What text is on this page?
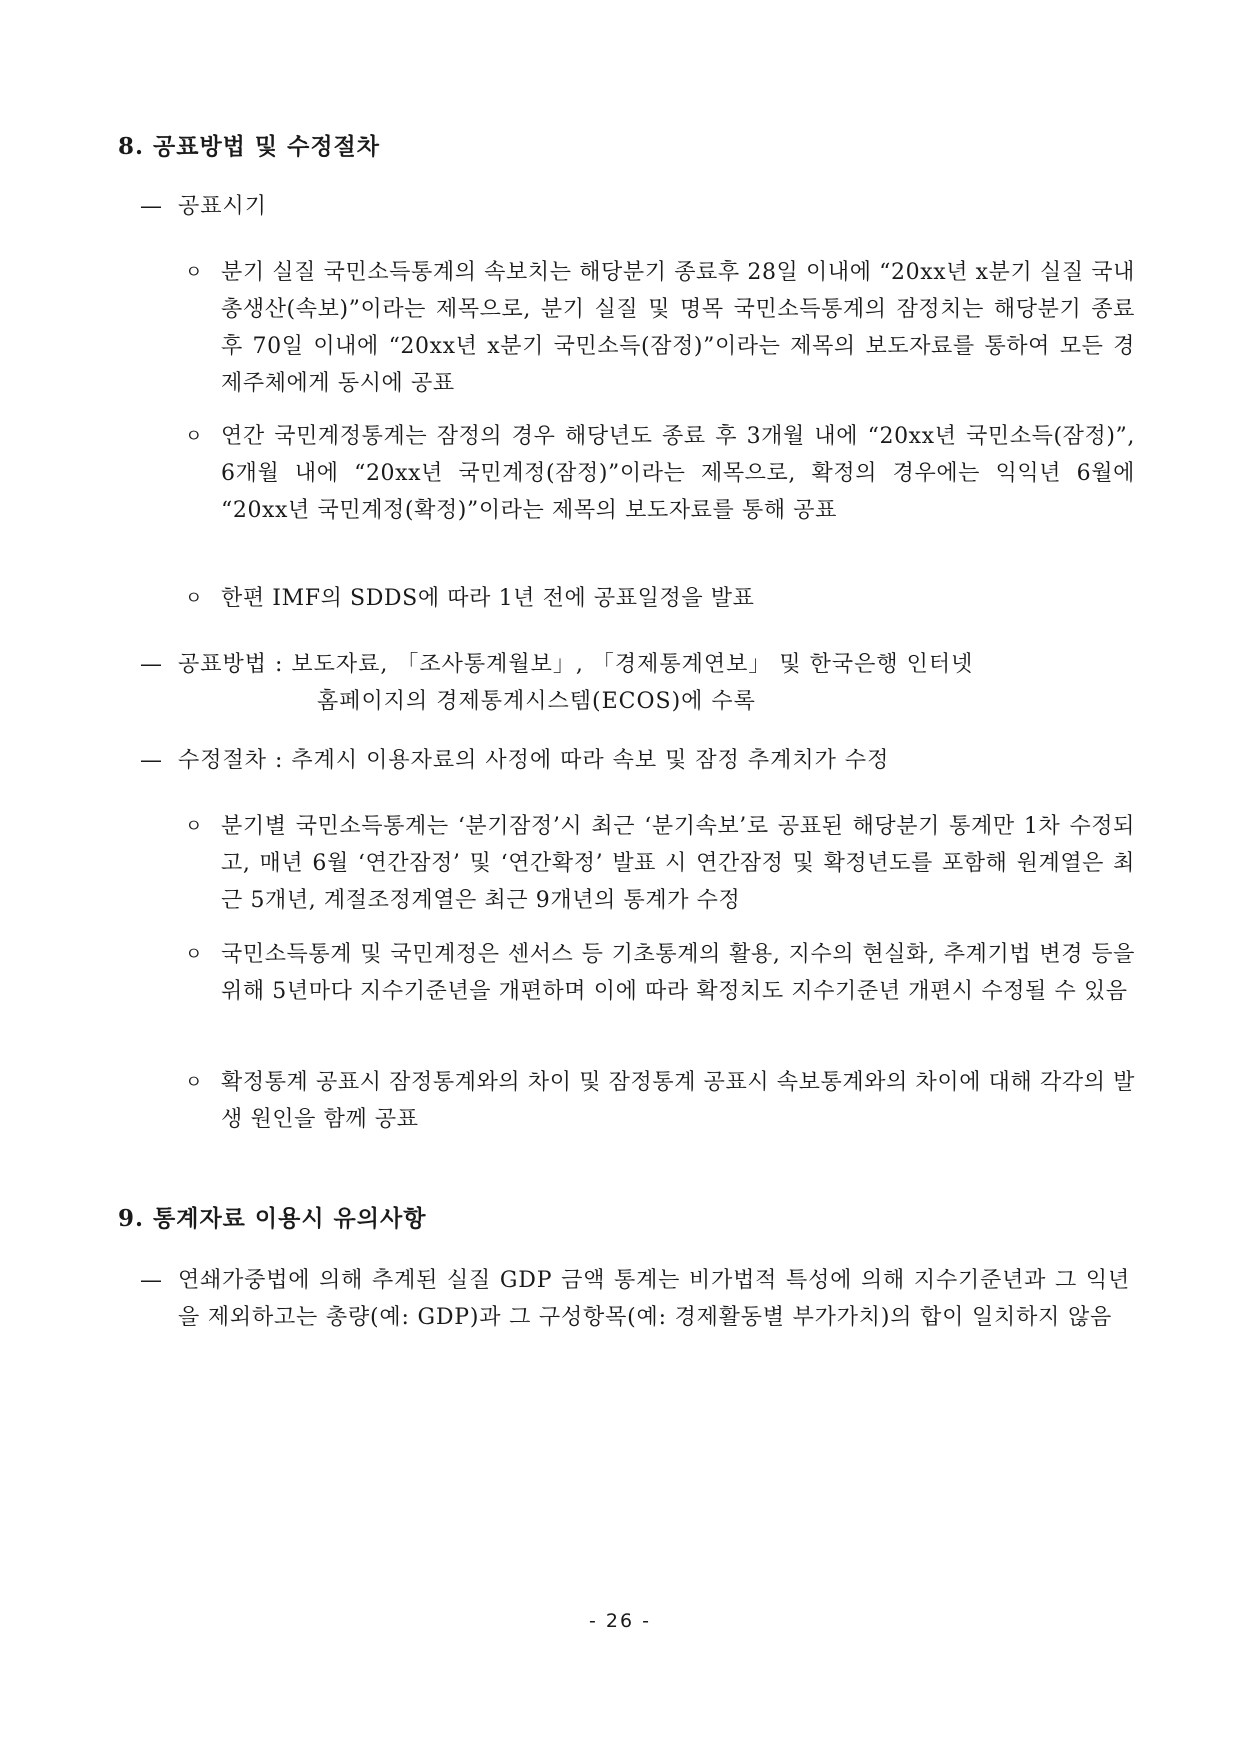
8. 공표방법 및 수정절차
— 공표시기
ㅇ 분기 실질 국민소득통계의 속보치는 해당분기 종료후 28일 이내에 “20xx년 x분기 실질 국내총생산(속보)”이라는 제목으로, 분기 실질 및 명목 국민소득통계의 잠정치는 해당분기 종료후 70일 이내에 “20xx년 x분기 국민소득(잠정)”이라는 제목의 보도자료를 통하여 모든 경제주체에게 동시에 공표
ㅇ 연간 국민계정통계는 잠정의 경우 해당년도 종료 후 3개월 내에 “20xx년 국민소득(잠정)”, 6개월 내에 “20xx년 국민계정(잠정)”이라는 제목으로, 확정의 경우에는 익익년 6월에 “20xx년 국민계정(확정)”이라는 제목의 보도자료를 통해 공표
ㅇ 한편 IMF의 SDDS에 따라 1년 전에 공표일정을 발표
— 공표방법 : 보도자료, 「조사통계월보」, 「경제통계연보」 및 한국은행 인터넷
홈페이지의 경제통계시스템(ECOS)에 수록
— 수정절차 : 추계시 이용자료의 사정에 따라 속보 및 잠정 추계치가 수정
ㅇ 분기별 국민소득통계는 ‘분기잠정’시 최근 ‘분기속보’로 공표된 해당분기 통계만 1차 수정되고, 매년 6월 ‘연간잠정’ 및 ‘연간확정’ 발표 시 연간잠정 및 확정년도를 포함해 원계열은 최근 5개년, 계절조정계열은 최근 9개년의 통계가 수정
ㅇ 국민소득통계 및 국민계정은 센서스 등 기초통계의 활용, 지수의 현실화, 추계기법 변경 등을 위해 5년마다 지수기준년을 개편하며 이에 따라 확정치도 지수기준년 개편시 수정될 수 있음
ㅇ 확정통계 공표시 잠정통계와의 차이 및 잠정통계 공표시 속보통계와의 차이에 대해 각각의 발생 원인을 함께 공표
9. 통계자료 이용시 유의사항
— 연쇄가중법에 의해 추계된 실질 GDP 금액 통계는 비가법적 특성에 의해 지수기준년과 그 익년을 제외하고는 총량(예: GDP)과 그 구성항목(예: 경제활동별 부가가치)의 합이 일치하지 않음
- 26 -
